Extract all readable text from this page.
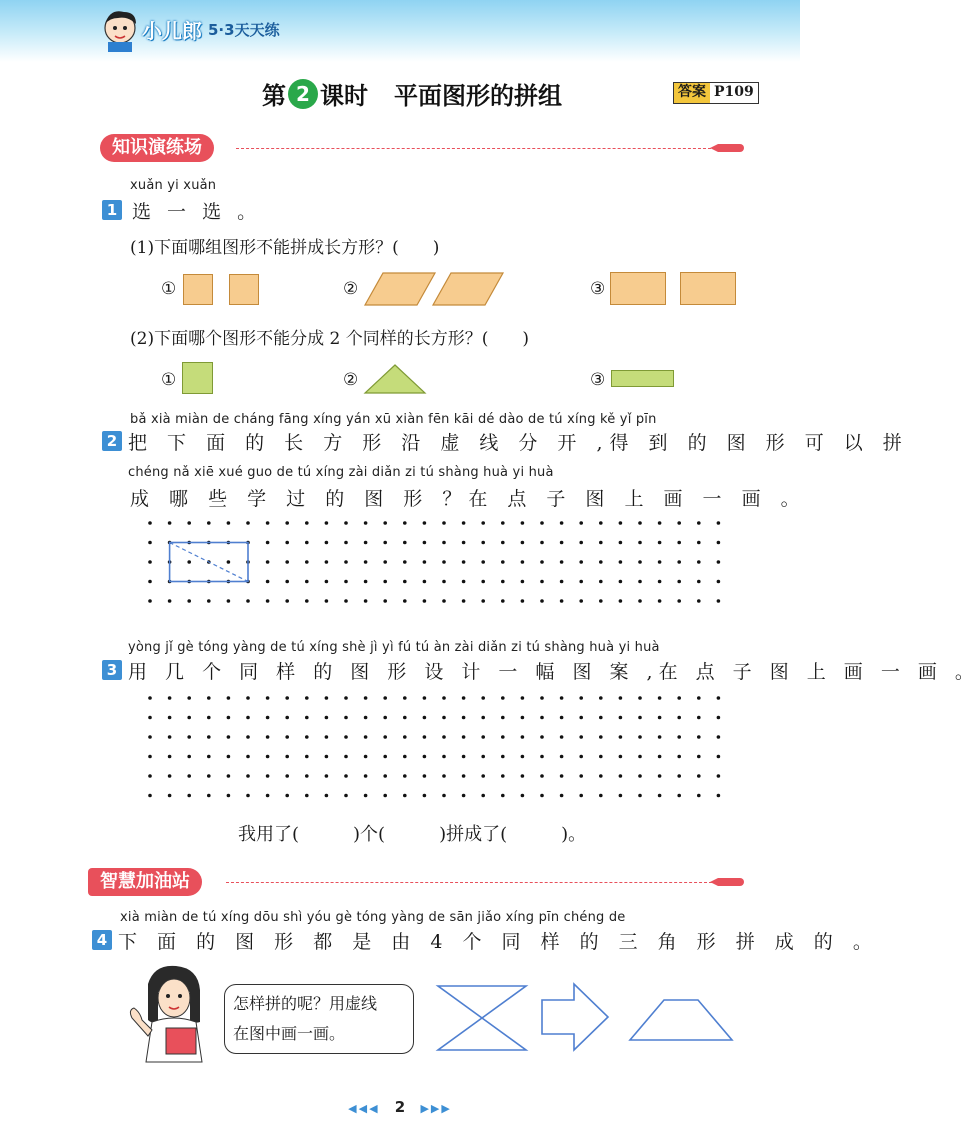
小儿郎 5·3天天练
第 2 课时 平面图形的拼组	答案 P109
知识演练场
xuǎn yi xuǎn
1 选 一 选 。
(1)下面哪组图形不能拼成长方形？(　　)
①	②	③
(2)下面哪个图形不能分成 2 个同样的长方形？(　　)
①	②	③
bǎ xià miàn de cháng fāng xíng yán xū xiàn fēn kāi dé dào de tú xíng kě yǐ pīn
2 把 下 面 的 长 方 形 沿 虚 线 分 开 ,得 到 的 图 形 可 以 拼
chéng nǎ xiē xué guo de tú xíng zài diǎn zi tú shàng huà yi huà
成 哪 些 学 过 的 图 形 ？在 点 子 图 上 画 一 画 。
yòng jǐ gè tóng yàng de tú xíng shè jì yì fú tú àn zài diǎn zi tú shàng huà yi huà
3 用 几 个 同 样 的 图 形 设 计 一 幅 图 案 ,在 点 子 图 上 画 一 画 。
我用了(　　　)个(　　　)拼成了(　　　)。
智慧加油站
xià miàn de tú xíng dōu shì yóu gè tóng yàng de sān jiǎo xíng pīn chéng de
4 下 面 的 图 形 都 是 由 4 个 同 样 的 三 角 形 拼 成 的 。
怎样拼的呢？用虚线
在图中画一画。
◀◀◀ 2 ▶▶▶
